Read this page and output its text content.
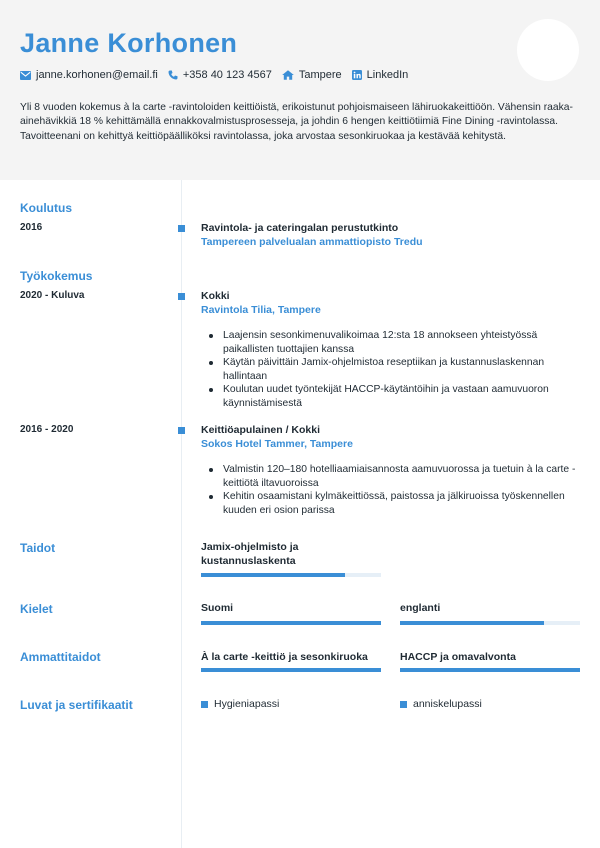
Janne Korhonen
janne.korhonen@email.fi +358 40 123 4567 Tampere LinkedIn
Yli 8 vuoden kokemus à la carte -ravintoloiden keittiöistä, erikoistunut pohjoismaiseen lähiruokakeittiöön. Vähensin raaka-ainehävikkiä 18 % kehittämällä ennakkovalmistusprosesseja, ja johdin 6 hengen keittiötiimiä Fine Dining -ravintolassa. Tavoitteenani on kehittyä keittiöpäälliköksi ravintolassa, joka arvostaa sesonkiruokaa ja kestävää kehitystä.
Koulutus
2016	Ravintola- ja cateringalan perustutkinto
Tampereen palvelualan ammattiopisto Tredu
Työkokemus
2020 - Kuluva	Kokki
Ravintola Tilia, Tampere
Laajensin sesonkimenuvalikoimaa 12:sta 18 annokseen yhteistyössä paikallisten tuottajien kanssa
Käytän päivittäin Jamix-ohjelmistoa reseptiikan ja kustannuslaskennan hallintaan
Koulutan uudet työntekijät HACCP-käytäntöihin ja vastaan aamuvuoron käynnistämisestä
2016 - 2020	Keittiöapulainen / Kokki
Sokos Hotel Tammer, Tampere
Valmistin 120–180 hotelliaamiaisannosta aamuvuorossa ja tuetuin à la carte -keittiötä iltavuoroissa
Kehitin osaamistani kylmäkeittiössä, paistossa ja jälkiruoissa työskennellen kuuden eri osion parissa
Taidot	Jamix-ohjelmisto ja kustannuslaskenta
Kielet	Suomi	englanti
Ammattitaidot	À la carte -keittiö ja sesonkiruoka	HACCP ja omavalvonta
Luvat ja sertifikaatit	Hygieniapassi	anniskelupassi
